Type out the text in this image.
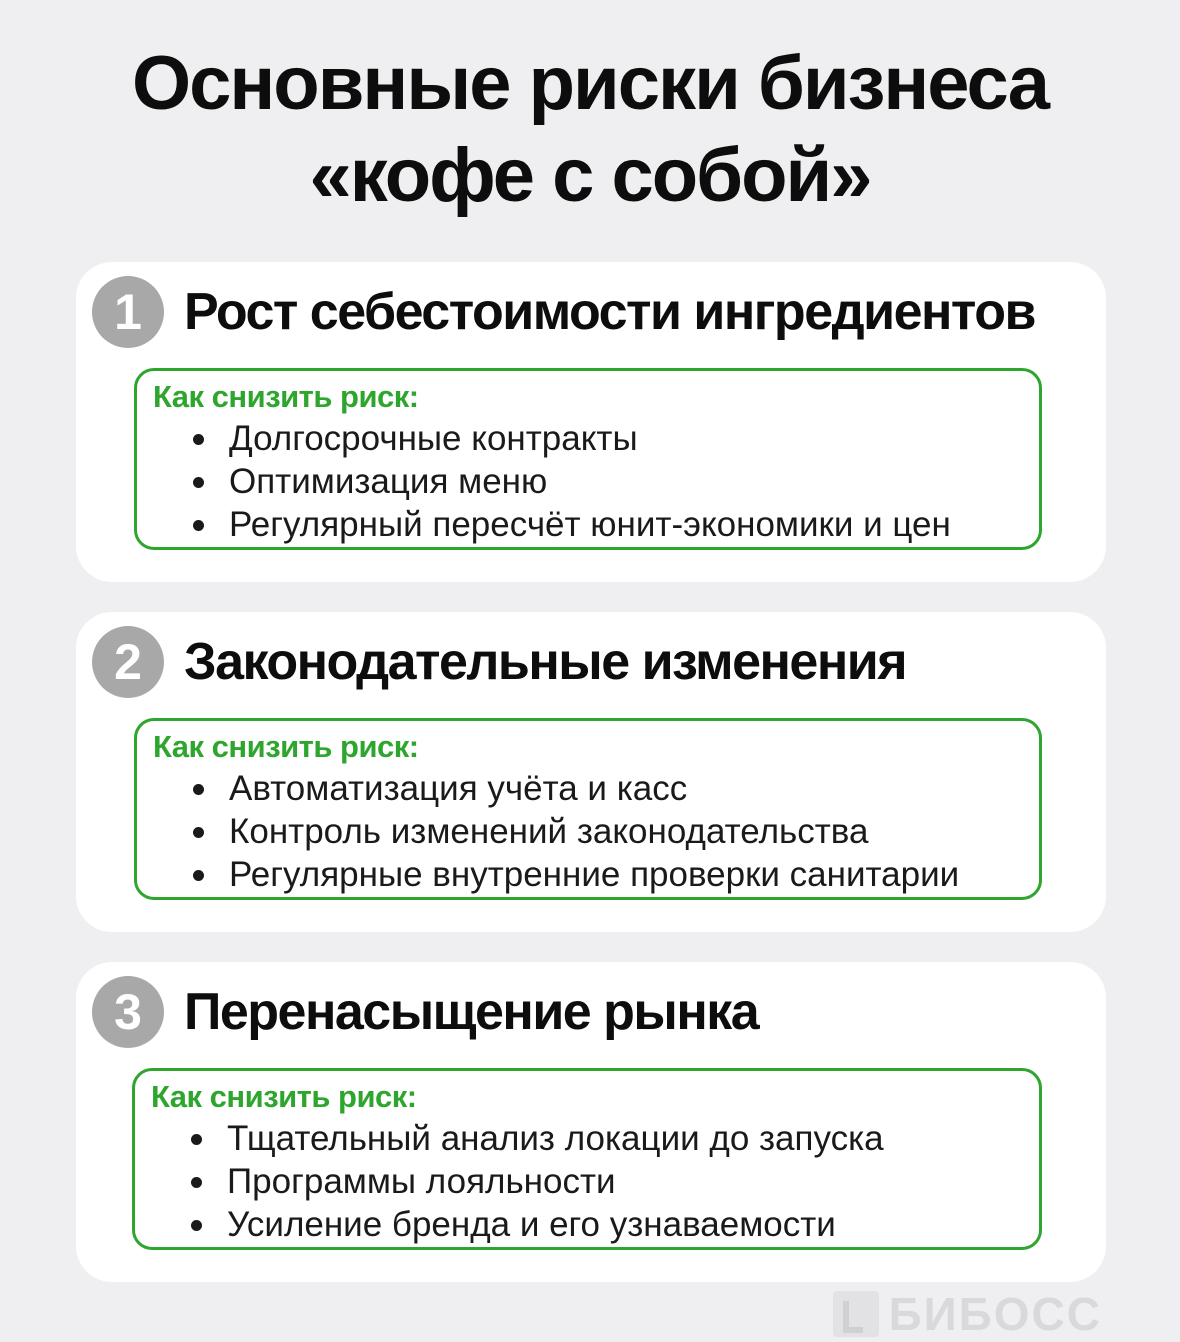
Основные риски бизнеса
«кофе с собой»
1 Рост себестоимости ингредиентов
Как снизить риск:
Долгосрочные контракты
Оптимизация меню
Регулярный пересчёт юнит-экономики и цен
2 Законодательные изменения
Как снизить риск:
Автоматизация учёта и касс
Контроль изменений законодательства
Регулярные внутренние проверки санитарии
3 Перенасыщение рынка
Как снизить риск:
Тщательный анализ локации до запуска
Программы лояльности
Усиление бренда и его узнаваемости
БИБОСС
